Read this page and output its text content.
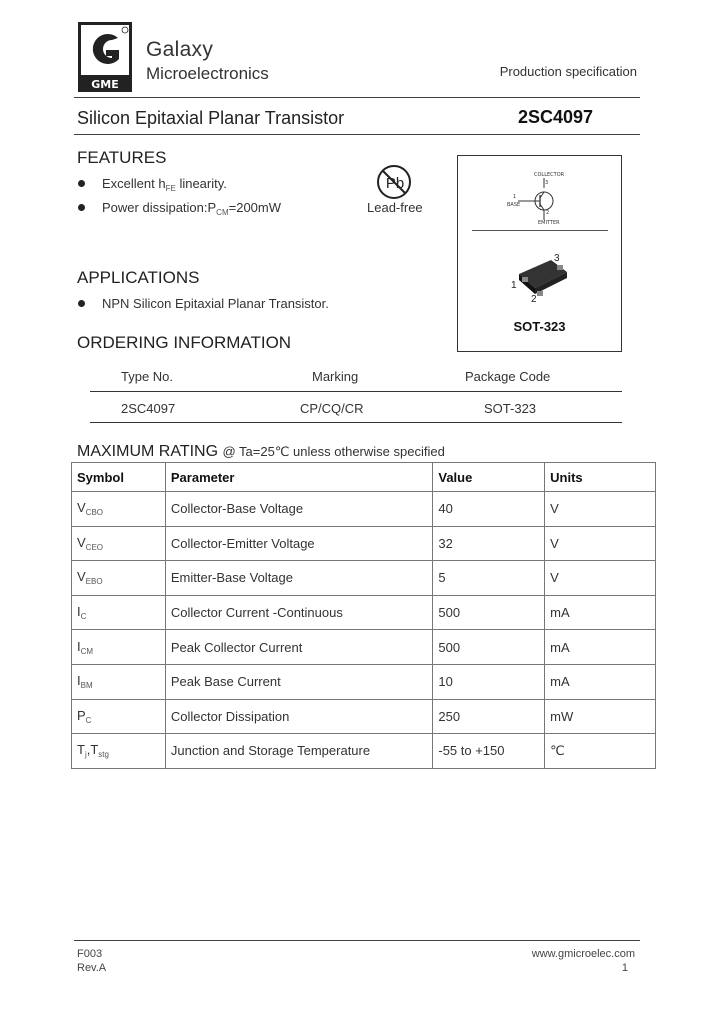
GME
Galaxy
Microelectronics	Production specification
Silicon Epitaxial Planar Transistor	2SC4097
FEATURES
Excellent $h_{FE}$ linearity.
Power $dissipation:P_{CM}=200mW$
Pb
Lead-free
COLLECTOR
3
1
BASE
2
EMITTER
1
2
3
SOT-323
APPLICATIONS
NPN Silicon Epitaxial Planar Transistor.
ORDERING INFORMATION
Type No.	Marking	Package Code
2SC4097	CP/CQ/CR	SOT-323
MAXIMUM RATING @ Ta=25℃ unless otherwise specified
Symbol	Parameter	Value	Units
$V_{CBO}$	Collector-Base Voltage	40	V
$V_{CEO}$	Collector-Emitter Voltage	32	V
$V_{EBO}$	Emitter-Base Voltage	5	V
$I_C$	Collector Current -Continuous	500	mA
$I_{CM}$	Peak Collector Current	500	mA
$I_{BM}$	Peak Base Current	10	mA
$P_C$	Collector Dissipation	250	mW
$T_j,T_{stg}$	Junction and Storage Temperature	-55 to +150	℃
F003
Rev.A
www.gmicroelec.com
1
